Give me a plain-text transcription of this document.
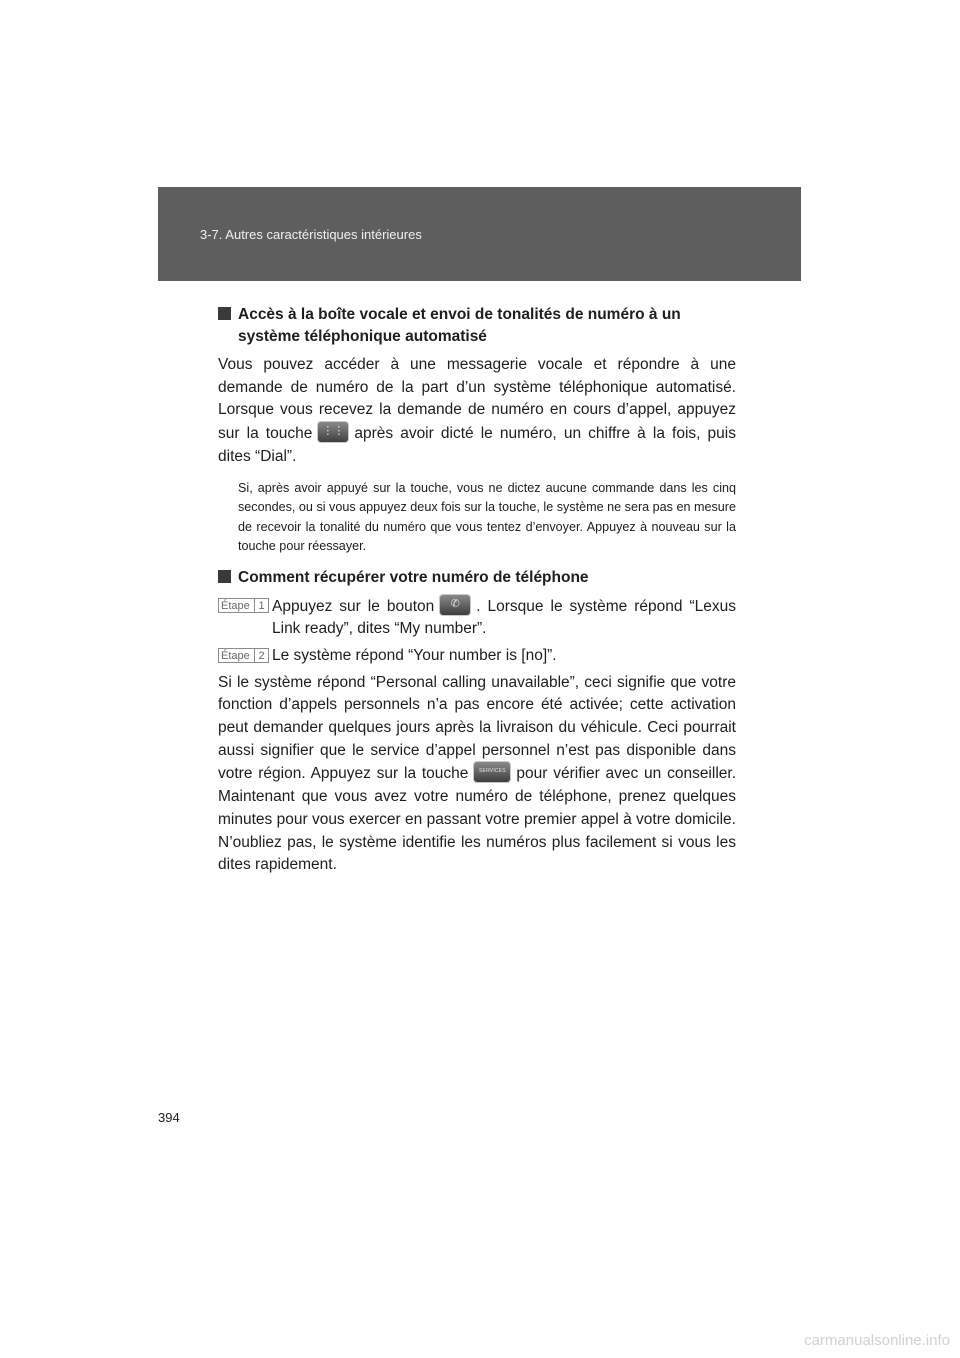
3-7. Autres caractéristiques intérieures
Accès à la boîte vocale et envoi de tonalités de numéro à un système téléphonique automatisé

Vous pouvez accéder à une messagerie vocale et répondre à une demande de numéro de la part d’un système téléphonique automatisé. Lorsque vous recevez la demande de numéro en cours d’appel, appuyez sur la touche ⋮⋮ après avoir dicté le numéro, un chiffre à la fois, puis dites “Dial”.

Si, après avoir appuyé sur la touche, vous ne dictez aucune commande dans les cinq secondes, ou si vous appuyez deux fois sur la touche, le système ne sera pas en mesure de recevoir la tonalité du numéro que vous tentez d’envoyer. Appuyez à nouveau sur la touche pour réessayer.

Comment récupérer votre numéro de téléphone
Étape 1 Appuyez sur le bouton	✆	. Lorsque le système répond “Lexus Link ready”, dites “My number”.
Étape 2 Le système répond “Your number is [no]”.

Si le système répond “Personal calling unavailable”, ceci signifie que votre fonction d’appels personnels n’a pas encore été activée; cette activation peut demander quelques jours après la livraison du véhicule. Ceci pourrait aussi signifier que le service d’appel personnel n’est pas disponible dans votre région. Appuyez sur la touche	SERVICES pour vérifier avec un conseiller. Maintenant que vous avez votre numéro de téléphone, prenez quelques minutes pour vous exercer en passant votre premier appel à votre domicile. N’oubliez pas, le système identifie les numéros plus facilement si vous les dites rapidement.

394
carmanualsonline.info
